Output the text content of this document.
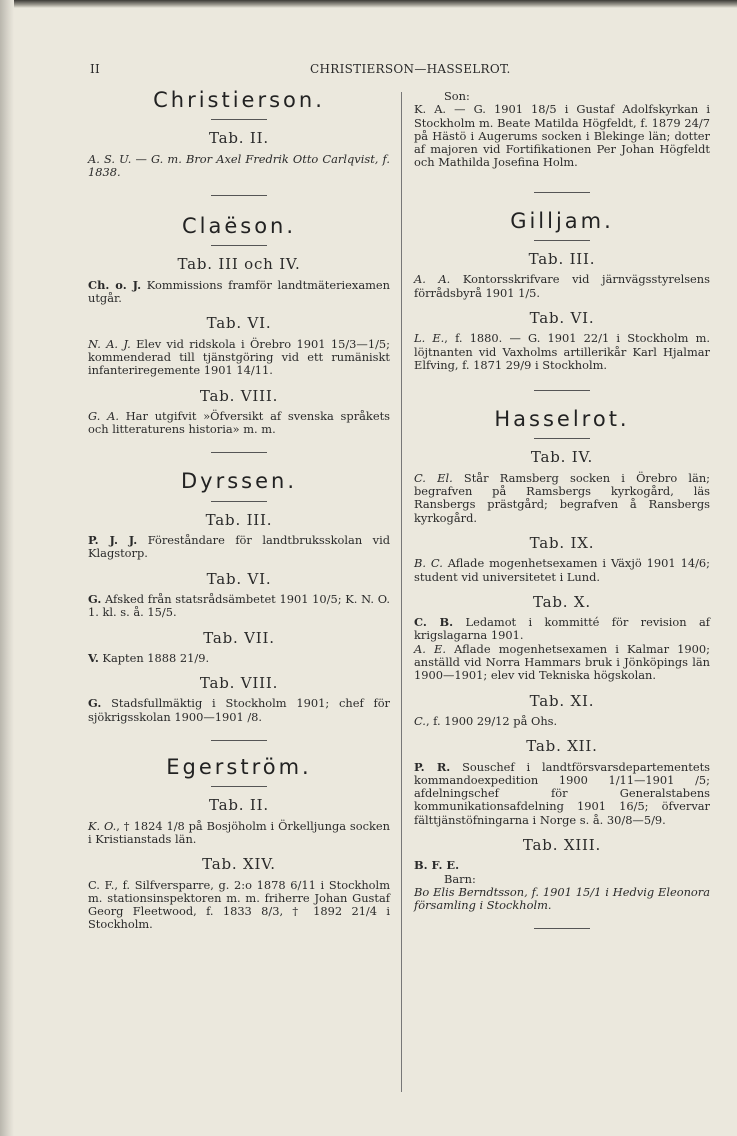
II	CHRISTIERSON—HASSELROT.
Christierson.
Tab. II.

A. S. U. — G. m. Bror Axel Fredrik Otto Carlqvist, f. 1838.

Claëson.
Tab. III och IV.

Ch. o. J. Kommissions framför landtmäteriexamen utgår.

Tab. VI.

N. A. J. Elev vid ridskola i Örebro 1901 15/3—1/5; kommenderad till tjänstgöring vid ett rumäniskt infanteriregemente 1901 14/11.

Tab. VIII.

G. A. Har utgifvit »Öfversikt af svenska språkets och litteraturens historia» m. m.

Dyrssen.
Tab. III.

P. J. J. Föreståndare för landtbruksskolan vid Klagstorp.

Tab. VI.

G. Afsked från statsrådsämbetet 1901 10/5; K. N. O. 1. kl. s. å. 15/5.

Tab. VII.

V. Kapten 1888 21/9.

Tab. VIII.

G. Stadsfullmäktig i Stockholm 1901; chef för sjökrigsskolan 1900—1901 /8.

Egerström.
Tab. II.

K. O., † 1824 1/8 på Bosjöholm i Örkelljunga socken i Kristianstads län.

Tab. XIV.

C. F., f. Silfversparre, g. 2:o 1878 6/11 i Stockholm m. stationsinspektoren m. m. friherre Johan Gustaf Georg Fleetwood, f. 1833 8/3, † 1892 21/4 i Stockholm.

Son:

K. A. — G. 1901 18/5 i Gustaf Adolfskyrkan i Stockholm m. Beate Matilda Högfeldt, f. 1879 24/7 på Hästö i Augerums socken i Blekinge län; dotter af majoren vid Fortifikationen Per Johan Högfeldt och Mathilda Josefina Holm.

Gilljam.
Tab. III.

A. A. Kontorsskrifvare vid järnvägsstyrelsens förrådsbyrå 1901 1/5.

Tab. VI.

L. E., f. 1880. — G. 1901 22/1 i Stockholm m. löjtnanten vid Vaxholms artillerikår Karl Hjalmar Elfving, f. 1871 29/9 i Stockholm.

Hasselrot.
Tab. IV.

C. El. Står Ramsberg socken i Örebro län; begrafven på Ramsbergs kyrkogård, läs Ransbergs prästgård; begrafven å Ransbergs kyrkogård.

Tab. IX.

B. C. Aflade mogenhetsexamen i Växjö 1901 14/6; student vid universitetet i Lund.

Tab. X.

C. B. Ledamot i kommitté för revision af krigslagarna 1901.

A. E. Aflade mogenhetsexamen i Kalmar 1900; anställd vid Norra Hammars bruk i Jönköpings län 1900—1901; elev vid Tekniska högskolan.

Tab. XI.

C., f. 1900 29/12 på Ohs.

Tab. XII.

P. R. Souschef i landtförsvarsdepartementets kommandoexpedition 1900 1/11—1901 /5; afdelningschef för Generalstabens kommunikationsafdelning 1901 16/5; öfvervar fälttjänstöfningarna i Norge s. å. 30/8—5/9.

Tab. XIII.

B. F. E.

Barn:

Bo Elis Berndtsson, f. 1901 15/1 i Hedvig Eleonora församling i Stockholm.
